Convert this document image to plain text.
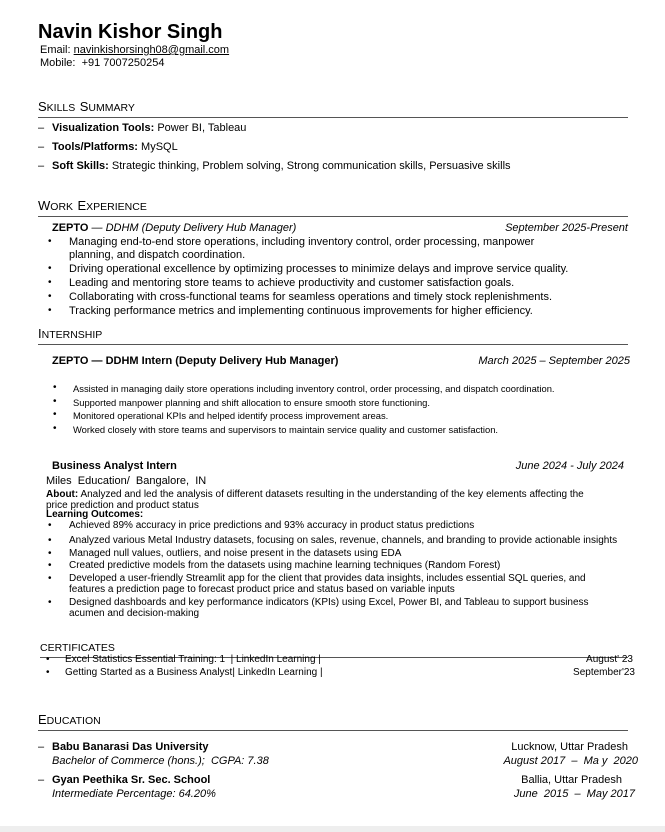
Navin Kishor Singh
Email: navinkishorsingh08@gmail.com
Mobile: +91 7007250254
SKILLS SUMMARY
‒ Visualization Tools: Power BI, Tableau
‒ Tools/Platforms: MySQL
‒ Soft Skills: Strategic thinking, Problem solving, Strong communication skills, Persuasive skills
WORK EXPERIENCE
ZEPTO — DDHM (Deputy Delivery Hub Manager)	September 2025-Present
• Managing end-to-end store operations, including inventory control, order processing, manpower planning, and dispatch coordination.
• Driving operational excellence by optimizing processes to minimize delays and improve service quality.
• Leading and mentoring store teams to achieve productivity and customer satisfaction goals.
• Collaborating with cross-functional teams for seamless operations and timely stock replenishments.
• Tracking performance metrics and implementing continuous improvements for higher efficiency.
INTERNSHIP
ZEPTO — DDHM Intern (Deputy Delivery Hub Manager)	March 2025 – September 2025
• Assisted in managing daily store operations including inventory control, order processing, and dispatch coordination.
• Supported manpower planning and shift allocation to ensure smooth store functioning.
• Monitored operational KPIs and helped identify process improvement areas.
• Worked closely with store teams and supervisors to maintain service quality and customer satisfaction.
Business Analyst Intern	June 2024 - July 2024
Miles  Education/  Bangalore,  IN
About: Analyzed and led the analysis of different datasets resulting in the understanding of the key elements affecting the price prediction and product status
Learning Outcomes:
• Achieved 89% accuracy in price predictions and 93% accuracy in product status predictions
• Analyzed various Metal Industry datasets, focusing on sales, revenue, channels, and branding to provide actionable insights
• Managed null values, outliers, and noise present in the datasets using EDA
• Created predictive models from the datasets using machine learning techniques (Random Forest)
• Developed a user-friendly Streamlit app for the client that provides data insights, includes essential SQL queries, and features a prediction page to forecast product price and status based on variable inputs
• Designed dashboards and key performance indicators (KPIs) using Excel, Power BI, and Tableau to support business acumen and decision-making
CERTIFICATES
• Excel Statistics Essential Training: 1  | LinkedIn Learning |	August' 23
• Getting Started as a Business Analyst| LinkedIn Learning |	September'23
EDUCATION
‒ Babu Banarasi Das University	Lucknow, Uttar Pradesh
Bachelor of Commerce (hons.);  CGPA: 7.38	August 2017  –  Ma y  2020
‒ Gyan Peethika Sr. Sec. School	Ballia, Uttar Pradesh
Intermediate Percentage: 64.20%	June  2015  –  May 2017
